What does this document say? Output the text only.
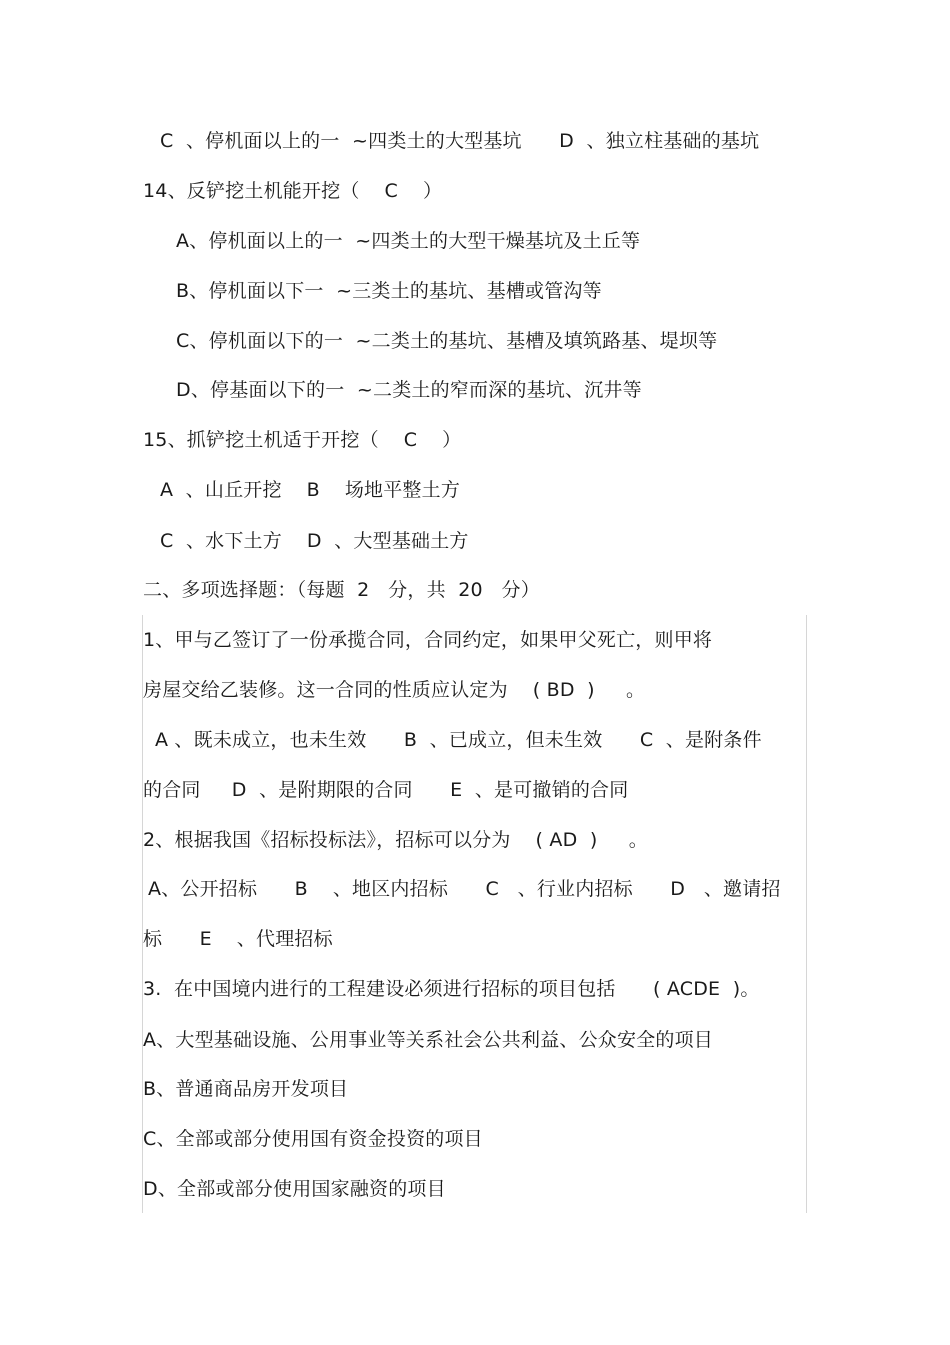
C  、停机面以上的一  ~四类土的大型基坑      D  、独立柱基础的基坑
14、反铲挖土机能开挖（    C    ）
A、停机面以上的一  ~四类土的大型干燥基坑及土丘等
B、停机面以下一  ~三类土的基坑、基槽或管沟等
C、停机面以下的一  ~二类土的基坑、基槽及填筑路基、堤坝等
D、停基面以下的一  ~二类土的窄而深的基坑、沉井等
15、抓铲挖土机适于开挖（    C    ）
A  、山丘开挖    B    场地平整土方
C  、水下土方    D  、大型基础土方
二、多项选择题：（每题  2   分，共  20   分）
1、甲与乙签订了一份承揽合同，合同约定，如果甲父死亡，则甲将
房屋交给乙装修。这一合同的性质应认定为    ( BD  )     。
A 、既未成立，也未生效      B  、已成立，但未生效      C  、是附条件
的合同     D  、是附期限的合同      E  、是可撤销的合同
2、根据我国《招标投标法》，招标可以分为    ( AD  )     。
A、公开招标      B    、地区内招标      C   、行业内招标      D   、邀请招
标      E    、代理招标
3.  在中国境内进行的工程建设必须进行招标的项目包括      ( ACDE  )。
A、大型基础设施、公用事业等关系社会公共利益、公众安全的项目
B、普通商品房开发项目
C、全部或部分使用国有资金投资的项目
D、全部或部分使用国家融资的项目
